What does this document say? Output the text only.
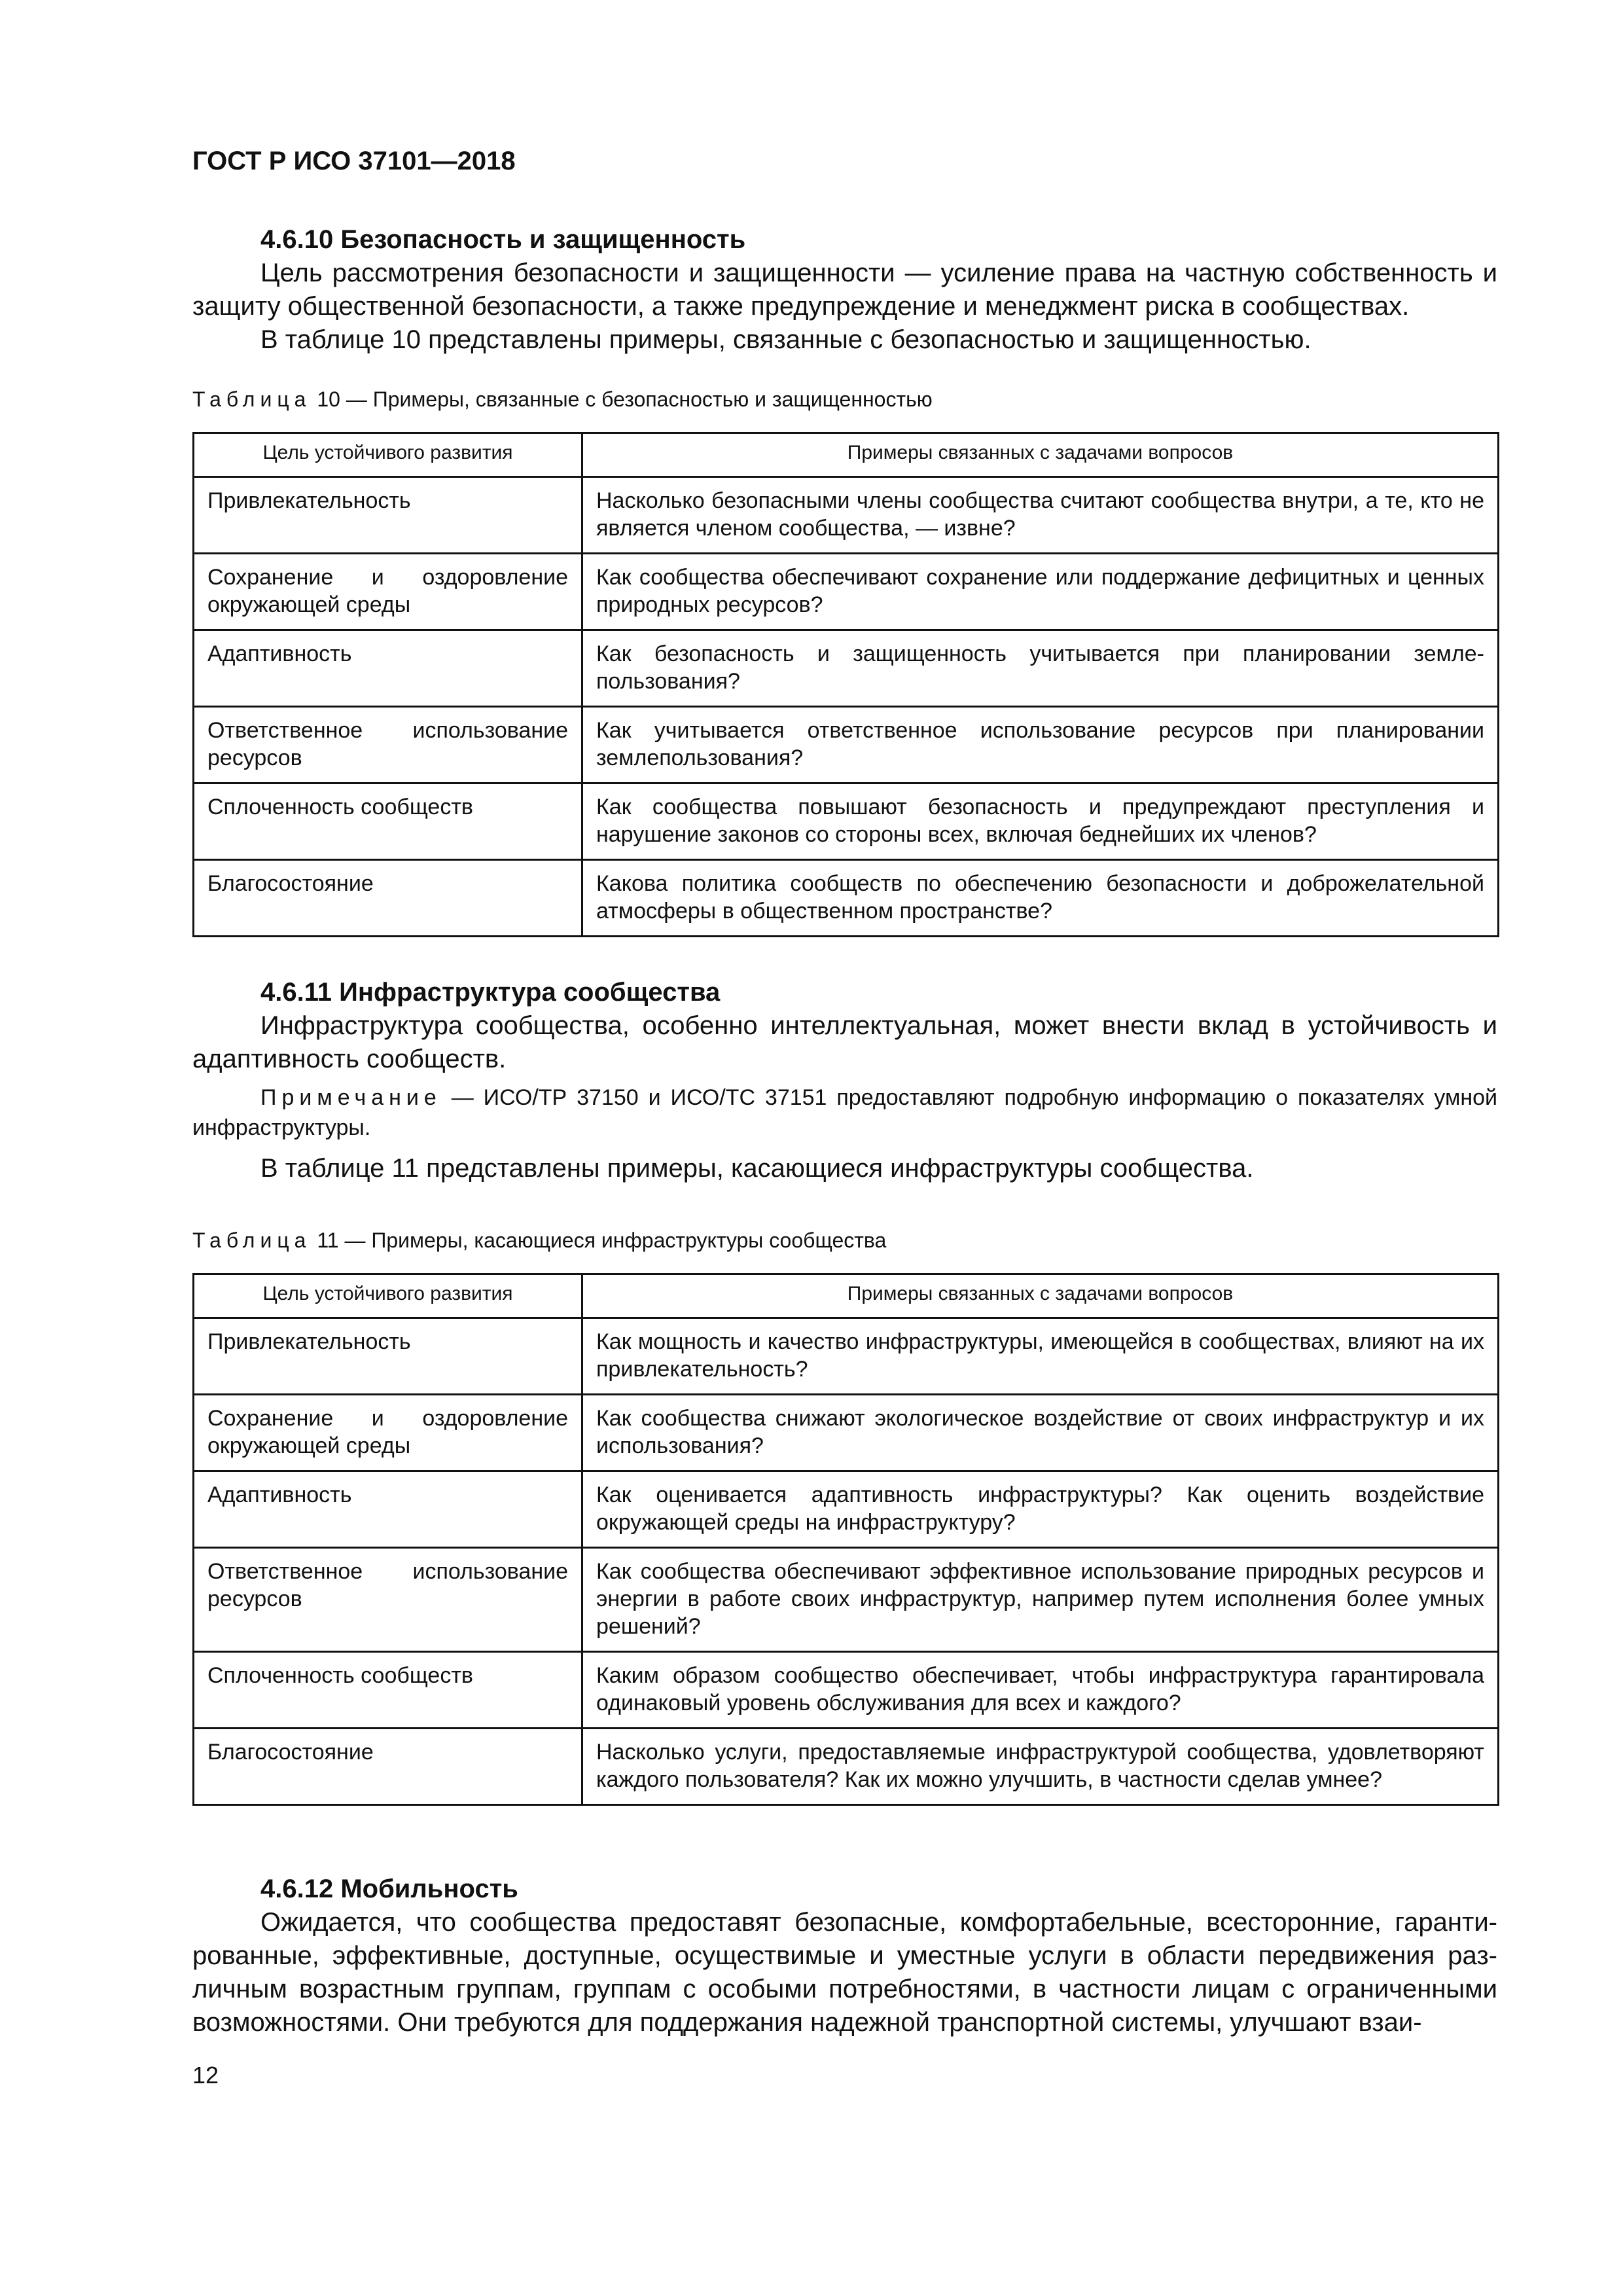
ГОСТ Р ИСО 37101—2018
4.6.10 Безопасность и защищенность

Цель рассмотрения безопасности и защищенности — усиление права на частную собственность и защиту общественной безопасности, а также предупреждение и менеджмент риска в сообществах.

В таблице 10 представлены примеры, связанные с безопасностью и защищенностью.

Таблица 10 — Примеры, связанные с безопасностью и защищенностью
Цель устойчивого развития	Примеры связанных с задачами вопросов
Привлекательность	Насколько безопасными члены сообщества считают сообщества внутри, а те, кто не является членом сообщества, — извне?
Сохранение и оздоровление окружающей среды	Как сообщества обеспечивают сохранение или поддержание дефицитных и ценных природных ресурсов?
Адаптивность	Как безопасность и защищенность учитывается при планировании землепользования?
Ответственное использование ресурсов	Как учитывается ответственное использование ресурсов при планировании землепользования?
Сплоченность сообществ	Как сообщества повышают безопасность и предупреждают преступления и нарушение законов со стороны всех, включая беднейших их членов?
Благосостояние	Какова политика сообществ по обеспечению безопасности и доброжелательной атмосферы в общественном пространстве?
4.6.11 Инфраструктура сообщества

Инфраструктура сообщества, особенно интеллектуальная, может внести вклад в устойчивость и адаптивность сообществ.

Примечание — ИСО/ТР 37150 и ИСО/ТС 37151 предоставляют подробную информацию о показателях умной инфраструктуры.

В таблице 11 представлены примеры, касающиеся инфраструктуры сообщества.

Таблица 11 — Примеры, касающиеся инфраструктуры сообщества
Цель устойчивого развития	Примеры связанных с задачами вопросов
Привлекательность	Как мощность и качество инфраструктуры, имеющейся в сообществах, влияют на их привлекательность?
Сохранение и оздоровление окружающей среды	Как сообщества снижают экологическое воздействие от своих инфраструктур и их использования?
Адаптивность	Как оценивается адаптивность инфраструктуры? Как оценить воздействие окружающей среды на инфраструктуру?
Ответственное использование ресурсов	Как сообщества обеспечивают эффективное использование природных ресурсов и энергии в работе своих инфраструктур, например путем исполнения более умных решений?
Сплоченность сообществ	Каким образом сообщество обеспечивает, чтобы инфраструктура гарантировала одинаковый уровень обслуживания для всех и каждого?
Благосостояние	Насколько услуги, предоставляемые инфраструктурой сообщества, удовлетворяют каждого пользователя? Как их можно улучшить, в частности сделав умнее?
4.6.12 Мобильность

Ожидается, что сообщества предоставят безопасные, комфортабельные, всесторонние, гарантированные, эффективные, доступные, осуществимые и уместные услуги в области передвижения различным возрастным группам, группам с особыми потребностями, в частности лицам с ограниченными возможностями. Они требуются для поддержания надежной транспортной системы, улучшают взаи-

12
